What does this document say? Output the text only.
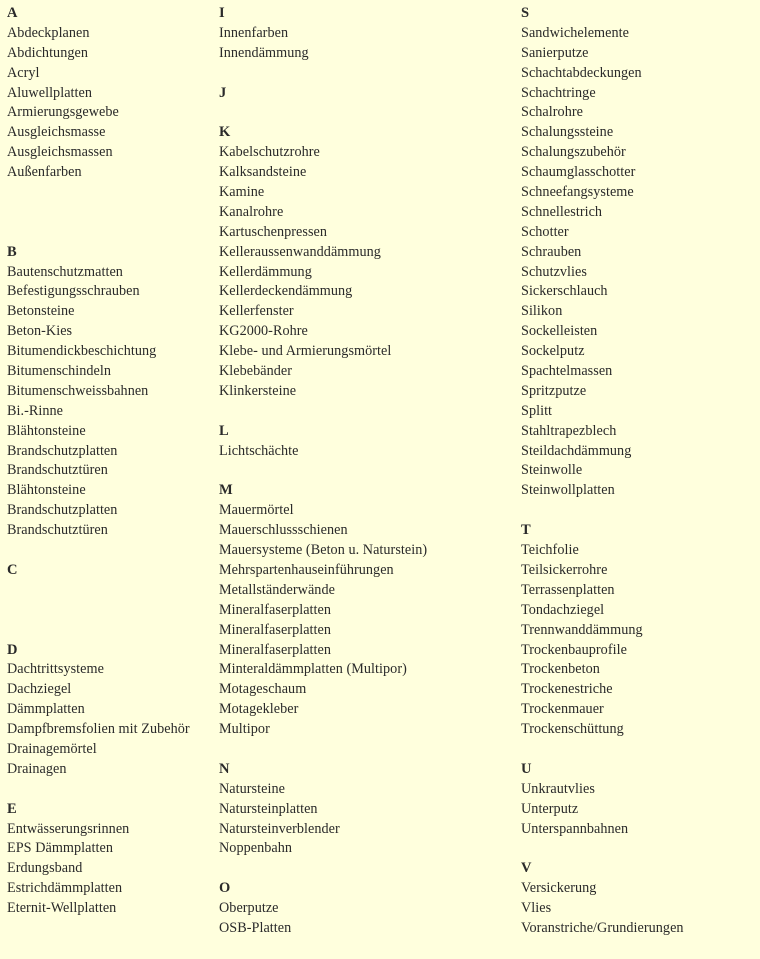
A
Abdeckplanen
Abdichtungen
Acryl
Aluwellplatten
Armierungsgewebe
Ausgleichsmasse
Ausgleichsmassen
Außenfarben
B
Bautenschutzmatten
Befestigungsschrauben
Betonsteine
Beton-Kies
Bitumendickbeschichtung
Bitumenschindeln
Bitumenschweissbahnen
Bi.-Rinne
Blähtonsteine
Brandschutzplatten
Brandschutztüren
Blähtonsteine
Brandschutzplatten
Brandschutztüren
C
D
Dachtrittsysteme
Dachziegel
Dämmplatten
Dampfbremsfolien mit Zubehör
Drainagemörtel
Drainagen
E
Entwässerungsrinnen
EPS Dämmplatten
Erdungsband
Estrichdämmplatten
Eternit-Wellplatten
I
Innenfarben
Innendämmung
J
K
Kabelschutzrohre
Kalksandsteine
Kamine
Kanalrohre
Kartuschenpressen
Kelleraussenwanddämmung
Kellerdämmung
Kellerdeckendämmung
Kellerfenster
KG2000-Rohre
Klebe- und Armierungsmörtel
Klebebänder
Klinkersteine
L
Lichtschächte
M
Mauermörtel
Mauerschlussschienen
Mauersysteme (Beton u. Naturstein)
Mehrspartenhauseinführungen
Metallständerwände
Mineralfaserplatten
Mineralfaserplatten
Mineralfaserplatten
Minteraldämmplatten (Multipor)
Motageschaum
Motagekleber
Multipor
N
Natursteine
Natursteinplatten
Natursteinverblender
Noppenbahn
O
Oberputze
OSB-Platten
S
Sandwichelemente
Sanierputze
Schachtabdeckungen
Schachtringe
Schalrohre
Schalungssteine
Schalungszubehör
Schaumglasschotter
Schneefangsysteme
Schnellestrich
Schotter
Schrauben
Schutzvlies
Sickerschlauch
Silikon
Sockelleisten
Sockelputz
Spachtelmassen
Spritzputze
Splitt
Stahltrapezblech
Steildachdämmung
Steinwolle
Steinwollplatten
T
Teichfolie
Teilsickerrohre
Terrassenplatten
Tondachziegel
Trennwanddämmung
Trockenbauprofile
Trockenbeton
Trockenestriche
Trockenmauer
Trockenschüttung
U
Unkrautvlies
Unterputz
Unterspannbahnen
V
Versickerung
Vlies
Voranstriche/Grundierungen
